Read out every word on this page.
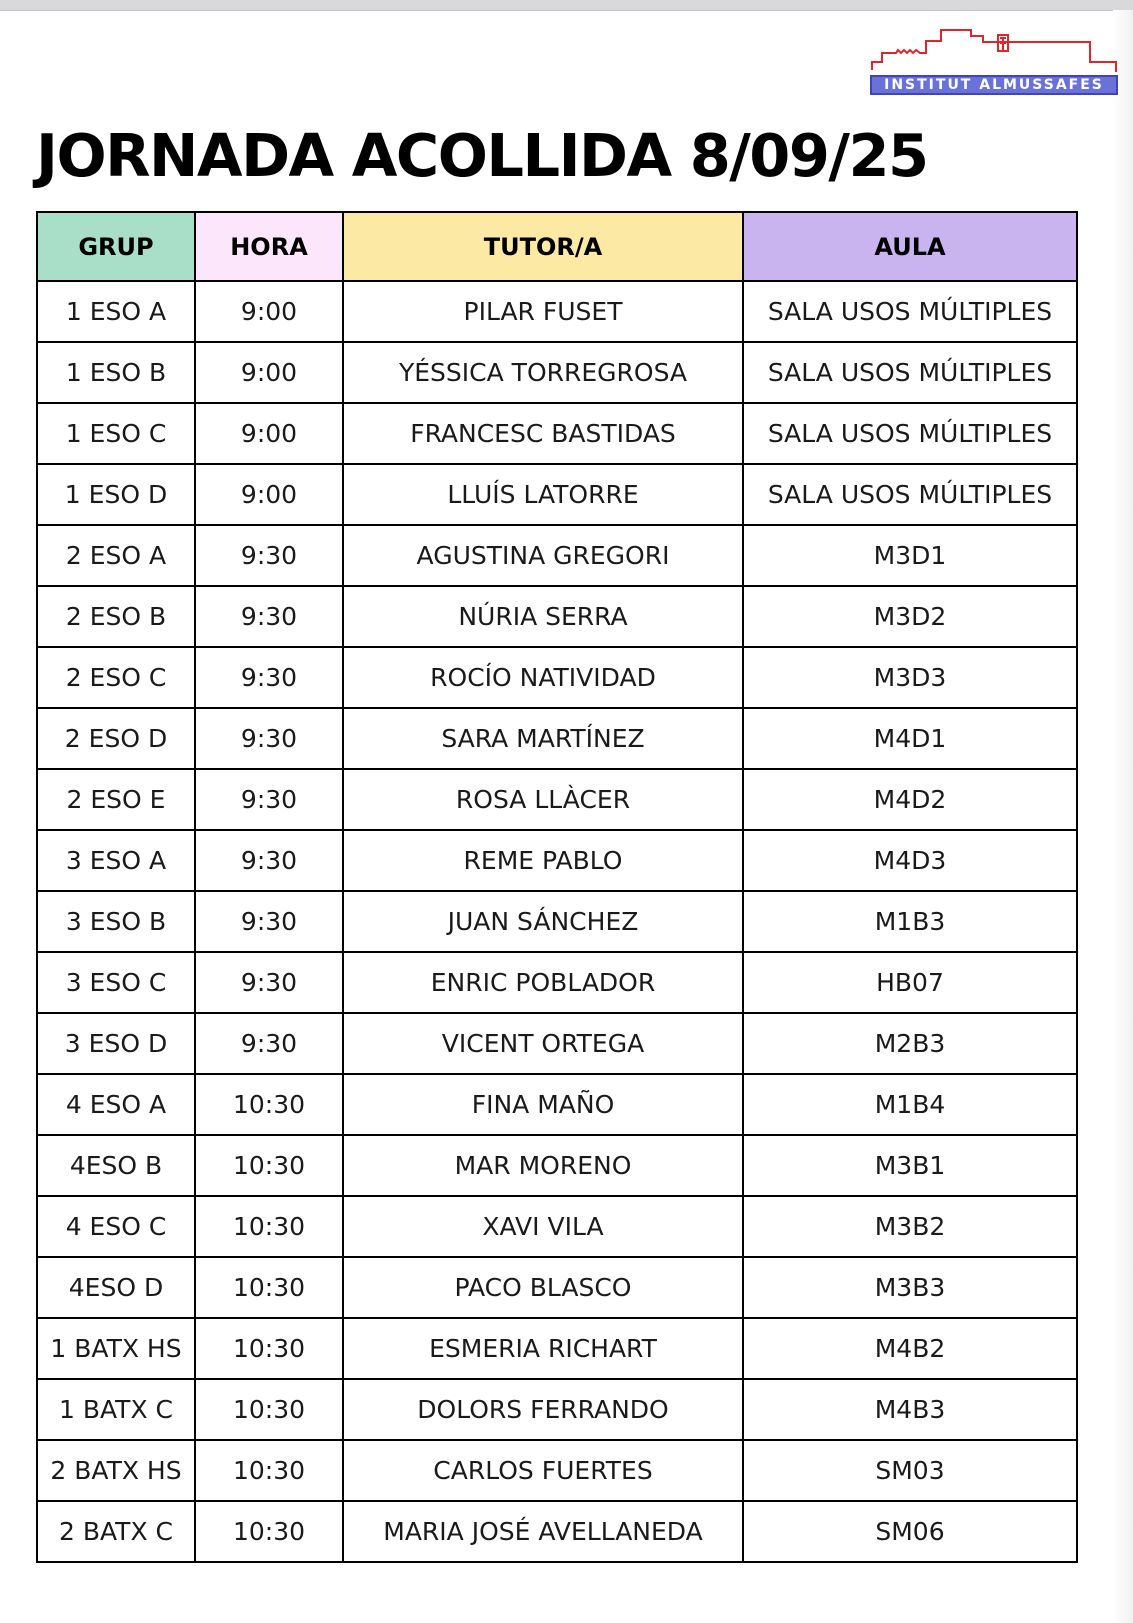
INSTITUT ALMUSSAFES
JORNADA ACOLLIDA 8/09/25
GRUP	HORA	TUTOR/A	AULA
1 ESO A	9:00	PILAR FUSET	SALA USOS MÚLTIPLES
1 ESO B	9:00	YÉSSICA TORREGROSA	SALA USOS MÚLTIPLES
1 ESO C	9:00	FRANCESC BASTIDAS	SALA USOS MÚLTIPLES
1 ESO D	9:00	LLUÍS LATORRE	SALA USOS MÚLTIPLES
2 ESO A	9:30	AGUSTINA GREGORI	M3D1
2 ESO B	9:30	NÚRIA SERRA	M3D2
2 ESO C	9:30	ROCÍO NATIVIDAD	M3D3
2 ESO D	9:30	SARA MARTÍNEZ	M4D1
2 ESO E	9:30	ROSA LLÀCER	M4D2
3 ESO A	9:30	REME PABLO	M4D3
3 ESO B	9:30	JUAN SÁNCHEZ	M1B3
3 ESO C	9:30	ENRIC POBLADOR	HB07
3 ESO D	9:30	VICENT ORTEGA	M2B3
4 ESO A	10:30	FINA MAÑO	M1B4
4ESO B	10:30	MAR MORENO	M3B1
4 ESO C	10:30	XAVI VILA	M3B2
4ESO D	10:30	PACO BLASCO	M3B3
1 BATX HS	10:30	ESMERIA RICHART	M4B2
1 BATX C	10:30	DOLORS FERRANDO	M4B3
2 BATX HS	10:30	CARLOS FUERTES	SM03
2 BATX C	10:30	MARIA JOSÉ AVELLANEDA	SM06
